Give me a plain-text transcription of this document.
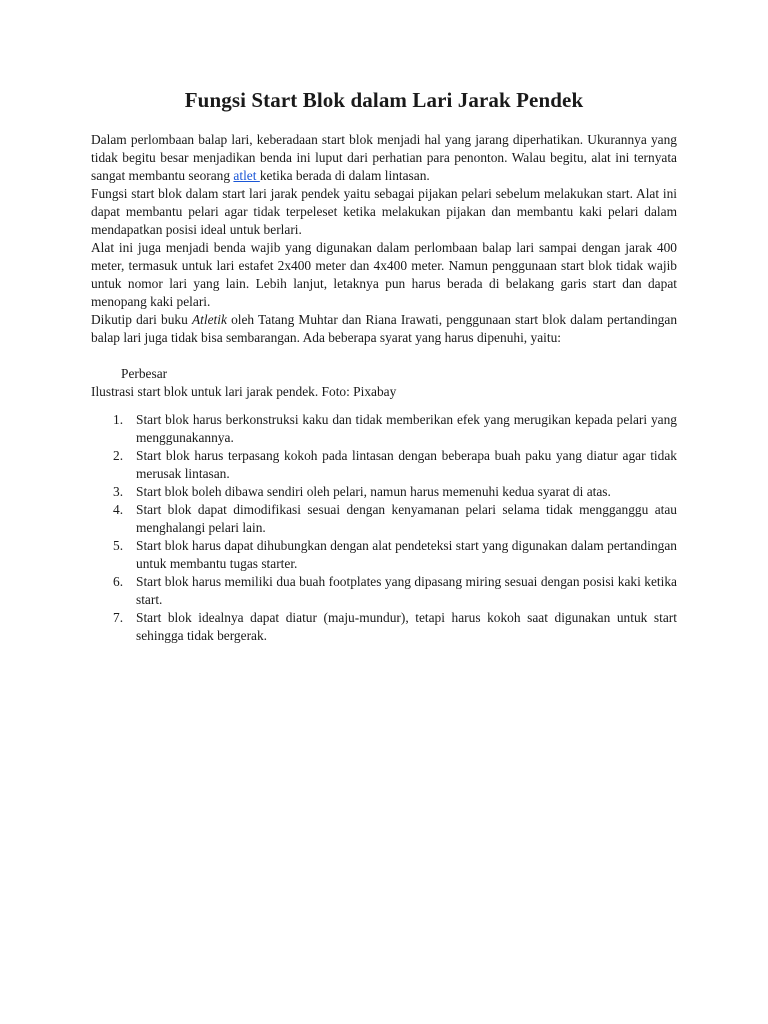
Fungsi Start Blok dalam Lari Jarak Pendek

Dalam perlombaan balap lari, keberadaan start blok menjadi hal yang jarang diperhatikan. Ukurannya yang tidak begitu besar menjadikan benda ini luput dari perhatian para penonton. Walau begitu, alat ini ternyata sangat membantu seorang atlet ketika berada di dalam lintasan.

Fungsi start blok dalam start lari jarak pendek yaitu sebagai pijakan pelari sebelum melakukan start. Alat ini dapat membantu pelari agar tidak terpeleset ketika melakukan pijakan dan membantu kaki pelari dalam mendapatkan posisi ideal untuk berlari.

Alat ini juga menjadi benda wajib yang digunakan dalam perlombaan balap lari sampai dengan jarak 400 meter, termasuk untuk lari estafet 2x400 meter dan 4x400 meter. Namun penggunaan start blok tidak wajib untuk nomor lari yang lain. Lebih lanjut, letaknya pun harus berada di belakang garis start dan dapat menopang kaki pelari.

Dikutip dari buku Atletik oleh Tatang Muhtar dan Riana Irawati, penggunaan start blok dalam pertandingan balap lari juga tidak bisa sembarangan. Ada beberapa syarat yang harus dipenuhi, yaitu:

Perbesar

Ilustrasi start blok untuk lari jarak pendek. Foto: Pixabay

1. Start blok harus berkonstruksi kaku dan tidak memberikan efek yang merugikan kepada pelari yang menggunakannya.
2. Start blok harus terpasang kokoh pada lintasan dengan beberapa buah paku yang diatur agar tidak merusak lintasan.
3. Start blok boleh dibawa sendiri oleh pelari, namun harus memenuhi kedua syarat di atas.
4. Start blok dapat dimodifikasi sesuai dengan kenyamanan pelari selama tidak mengganggu atau menghalangi pelari lain.
5. Start blok harus dapat dihubungkan dengan alat pendeteksi start yang digunakan dalam pertandingan untuk membantu tugas starter.
6. Start blok harus memiliki dua buah footplates yang dipasang miring sesuai dengan posisi kaki ketika start.
7. Start blok idealnya dapat diatur (maju-mundur), tetapi harus kokoh saat digunakan untuk start sehingga tidak bergerak.
